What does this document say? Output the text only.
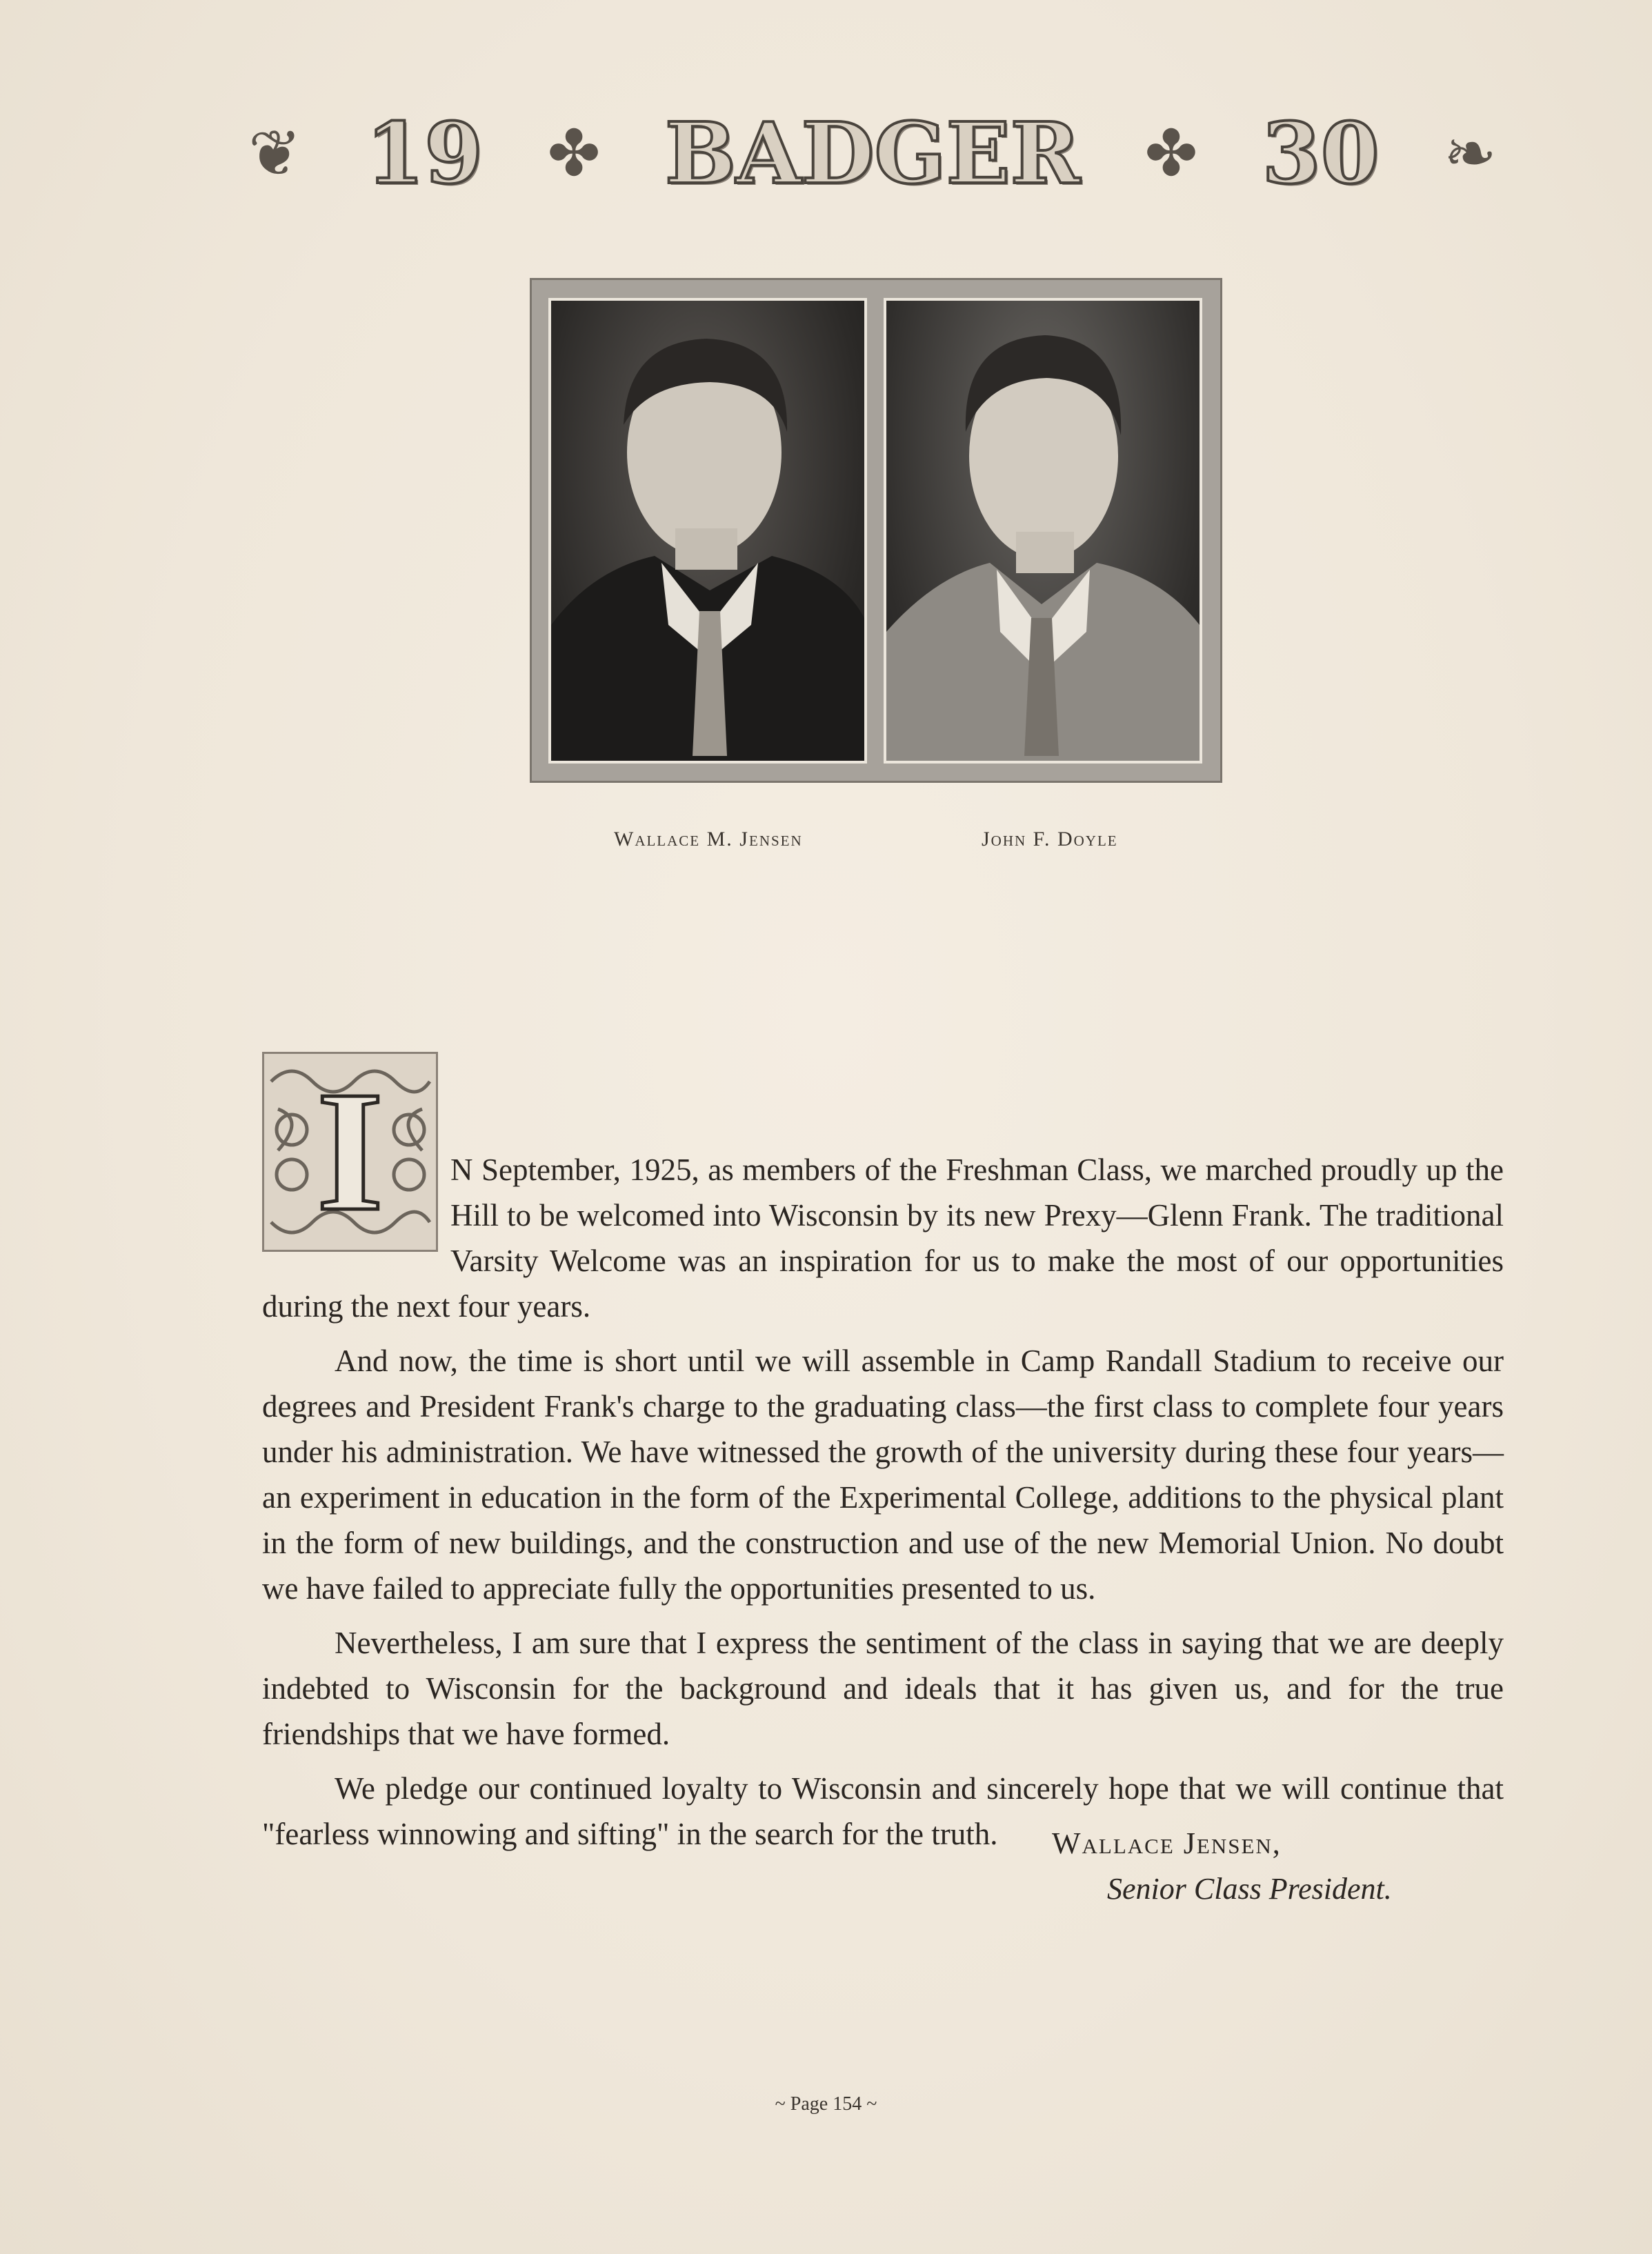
❦ 19 ✤ BADGER ✤ 30 ❧
Wallace M. Jensen	John F. Doyle

I	N September, 1925, as members of the Freshman Class, we marched proudly up the Hill to be welcomed into Wisconsin by its new Prexy—Glenn Frank. The traditional Varsity Welcome was an inspiration for us to make the most of our opportunities during the next four years.

And now, the time is short until we will assemble in Camp Randall Stadium to receive our degrees and President Frank's charge to the graduating class—the first class to complete four years under his administration. We have witnessed the growth of the university during these four years—an experiment in education in the form of the Experimental College, additions to the physical plant in the form of new buildings, and the construction and use of the new Memorial Union. No doubt we have failed to appreciate fully the opportunities presented to us.

Nevertheless, I am sure that I express the sentiment of the class in saying that we are deeply indebted to Wisconsin for the background and ideals that it has given us, and for the true friendships that we have formed.

We pledge our continued loyalty to Wisconsin and sincerely hope that we will continue that "fearless winnowing and sifting" in the search for the truth.	Wallace Jensen,
Senior Class President.
~ Page 154 ~
